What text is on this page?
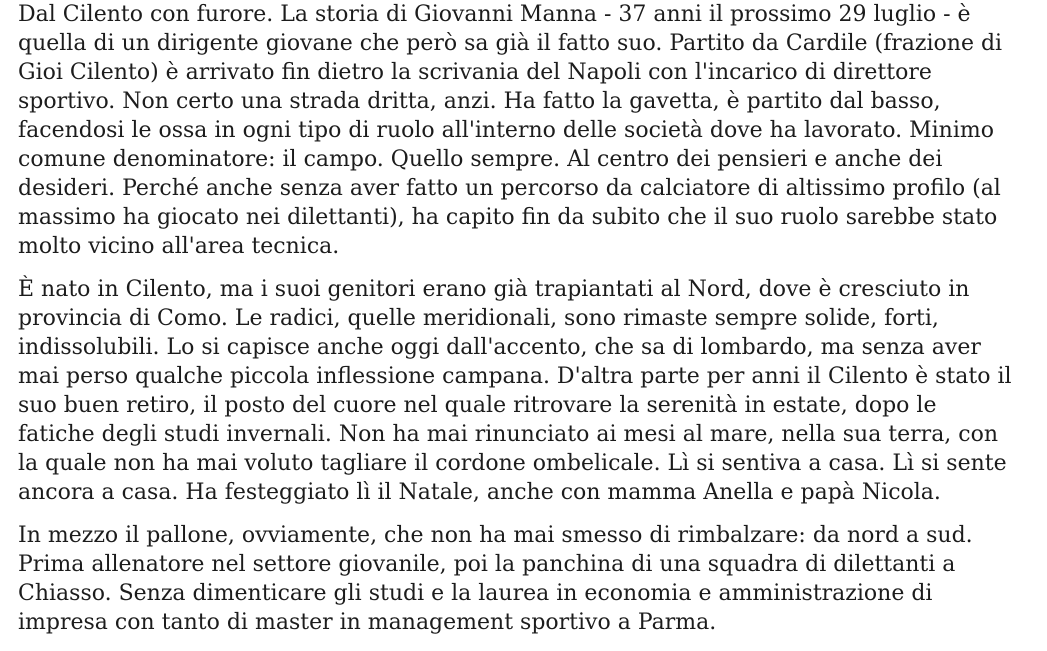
Dal Cilento con furore. La storia di Giovanni Manna - 37 anni il prossimo 29 luglio - è
quella di un dirigente giovane che però sa già il fatto suo. Partito da Cardile (frazione di
Gioi Cilento) è arrivato fin dietro la scrivania del Napoli con l'incarico di direttore
sportivo. Non certo una strada dritta, anzi. Ha fatto la gavetta, è partito dal basso,
facendosi le ossa in ogni tipo di ruolo all'interno delle società dove ha lavorato. Minimo
comune denominatore: il campo. Quello sempre. Al centro dei pensieri e anche dei
desideri. Perché anche senza aver fatto un percorso da calciatore di altissimo profilo (al
massimo ha giocato nei dilettanti), ha capito fin da subito che il suo ruolo sarebbe stato
molto vicino all'area tecnica.

È nato in Cilento, ma i suoi genitori erano già trapiantati al Nord, dove è cresciuto in
provincia di Como. Le radici, quelle meridionali, sono rimaste sempre solide, forti,
indissolubili. Lo si capisce anche oggi dall'accento, che sa di lombardo, ma senza aver
mai perso qualche piccola inflessione campana. D'altra parte per anni il Cilento è stato il
suo buen retiro, il posto del cuore nel quale ritrovare la serenità in estate, dopo le
fatiche degli studi invernali. Non ha mai rinunciato ai mesi al mare, nella sua terra, con
la quale non ha mai voluto tagliare il cordone ombelicale. Lì si sentiva a casa. Lì si sente
ancora a casa. Ha festeggiato lì il Natale, anche con mamma Anella e papà Nicola.

In mezzo il pallone, ovviamente, che non ha mai smesso di rimbalzare: da nord a sud.
Prima allenatore nel settore giovanile, poi la panchina di una squadra di dilettanti a
Chiasso. Senza dimenticare gli studi e la laurea in economia e amministrazione di
impresa con tanto di master in management sportivo a Parma.
